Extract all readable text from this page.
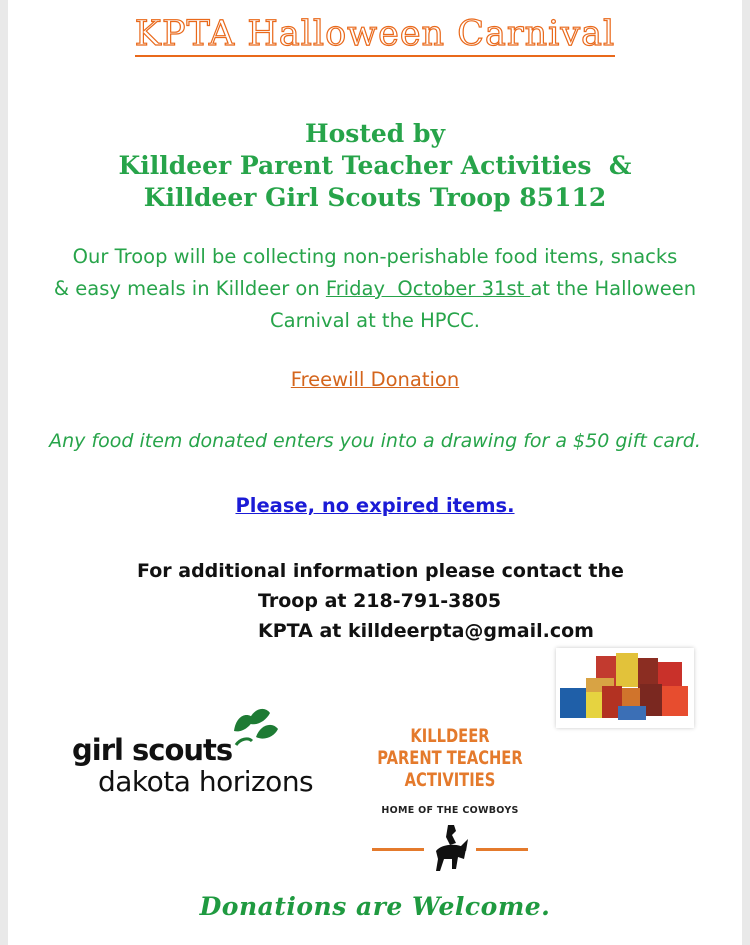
KPTA Halloween Carnival
Hosted by
Killdeer Parent Teacher Activities  &
Killdeer Girl Scouts Troop 85112
Our Troop will be collecting non-perishable food items, snacks
& easy meals in Killdeer on Friday  October 31st at the Halloween
Carnival at the HPCC.
Freewill Donation
Any food item donated enters you into a drawing for a $50 gift card.
Please, no expired items.
For additional information please contact the
Troop at 218-791-3805
KPTA at killdeerpta@gmail.com
girl scouts
dakota horizons
KILLDEER
PARENT TEACHER
ACTIVITIES
HOME OF THE COWBOYS
Donations are Welcome.
